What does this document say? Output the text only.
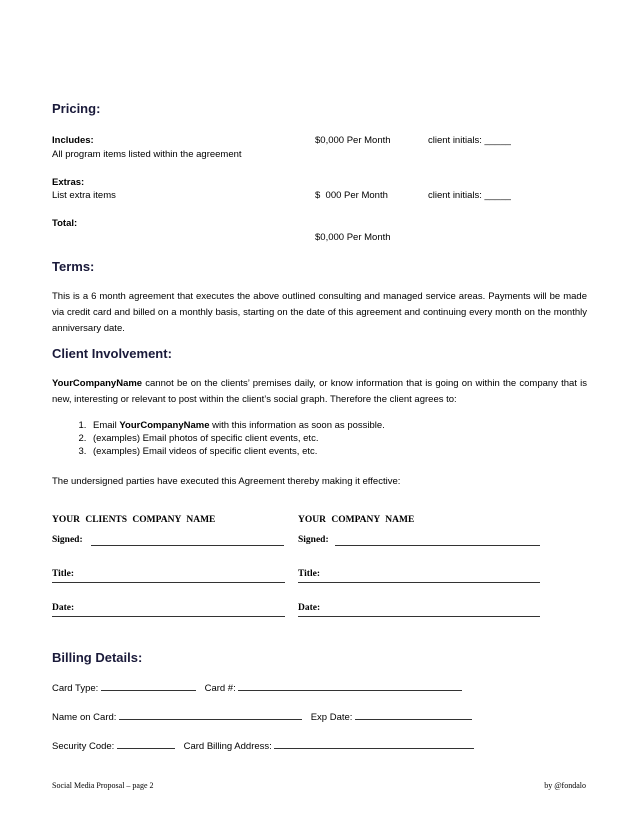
Pricing:
Includes:	$0,000 Per Month	client initials: _____
All program items listed within the agreement
Extras:
List extra items	$  000 Per Month	client initials: _____
Total:
$0,000 Per Month
Terms:
This is a 6 month agreement that executes the above outlined consulting and managed service areas. Payments will be made via credit card and billed on a monthly basis, starting on the date of this agreement and continuing every month on the monthly anniversary date.
Client Involvement:
YourCompanyName cannot be on the clients’ premises daily, or know information that is going on within the company that is new, interesting or relevant to post within the client’s social graph. Therefore the client agrees to:
1. Email YourCompanyName with this information as soon as possible.
2. (examples) Email photos of specific client events, etc.
3. (examples) Email videos of specific client events, etc.
The undersigned parties have executed this Agreement thereby making it effective:
YOUR CLIENTS COMPANY NAME	YOUR COMPANY NAME
Signed:	Signed:
Title:	Title:
Date:	Date:
Billing Details:
Card Type:	Card #:
Name on Card:	Exp Date:
Security Code:	Card Billing Address:
Social Media Proposal – page 2	by @fondalo
